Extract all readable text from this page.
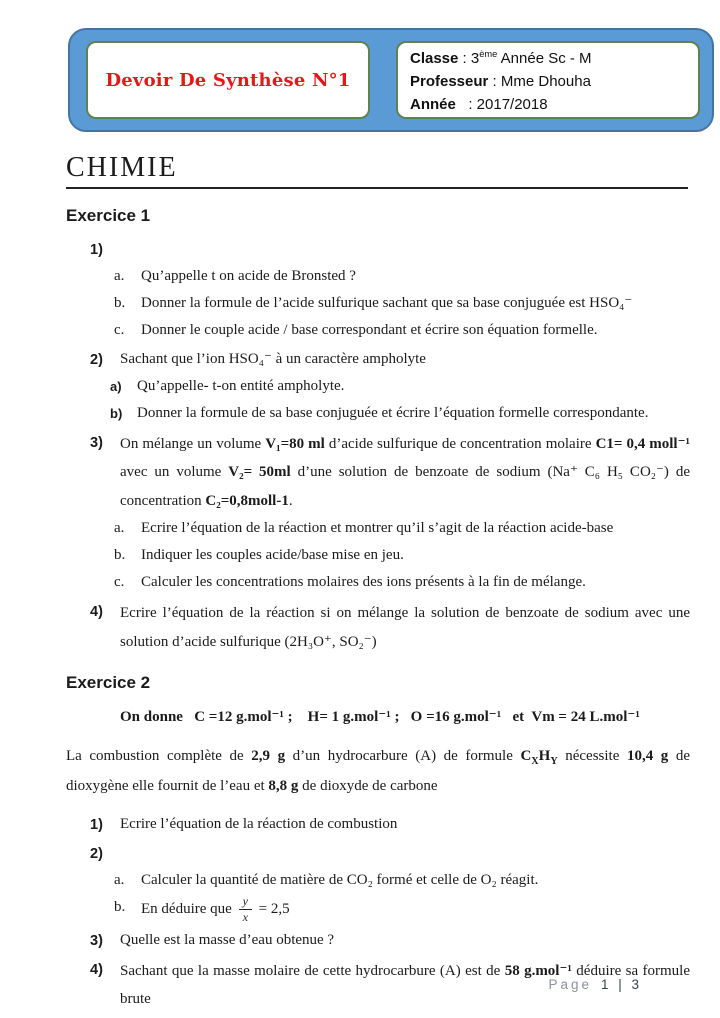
Devoir De Synthèse N°1
Classe : 3ème Année Sc - M
Professeur : Mme Dhouha
Année   : 2017/2018
CHIMIE
Exercice 1
1)
a.	Qu’appelle t on acide de Bronsted ?
b.	Donner la formule de l’acide sulfurique sachant que sa base conjuguée est HSO₄⁻
c.	Donner le couple acide / base correspondant et écrire son équation formelle.
2)	Sachant que l’ion HSO₄⁻ à un caractère ampholyte
a)	Qu’appelle- t-on entité ampholyte.
b) Donner la formule de sa base conjuguée et écrire l’équation formelle correspondante.
3)	On mélange un volume V₁=80 ml d’acide sulfurique de concentration molaire C1= 0,4 moll⁻¹ avec un volume V₂= 50ml d’une solution de benzoate de sodium (Na⁺ C₆ H₅ CO₂⁻) de concentration C₂=0,8moll-1.
a.	Ecrire l’équation de la réaction et montrer qu’il s’agit de la réaction acide-base
b.	Indiquer les couples acide/base mise en jeu.
c.	Calculer les concentrations molaires des ions présents à la fin de mélange.
4)	Ecrire l’équation de la réaction si on mélange la solution de benzoate de sodium avec une solution d’acide sulfurique (2H₃O⁺, SO₂⁻)
Exercice 2
On donne   C =12 g.mol⁻¹ ;    H= 1 g.mol⁻¹ ;   O =16 g.mol⁻¹   et  Vm = 24 L.mol⁻¹
La combustion complète de 2,9 g d’un hydrocarbure (A) de formule $C_XH_Y$ nécessite 10,4 g de dioxygène elle fournit de l’eau et 8,8 g de dioxyde de carbone
1)	Ecrire l’équation de la réaction de combustion
2)
a.	Calculer la quantité de matière de CO₂ formé et celle de O₂ réagit.
b.	En déduire que $\frac{y}{x} = 2,5$
3)	Quelle est la masse d’eau obtenue ?
4)	Sachant que la masse molaire de cette hydrocarbure (A) est de 58 g.mol⁻¹ déduire sa formule brute
Page 1 | 3
